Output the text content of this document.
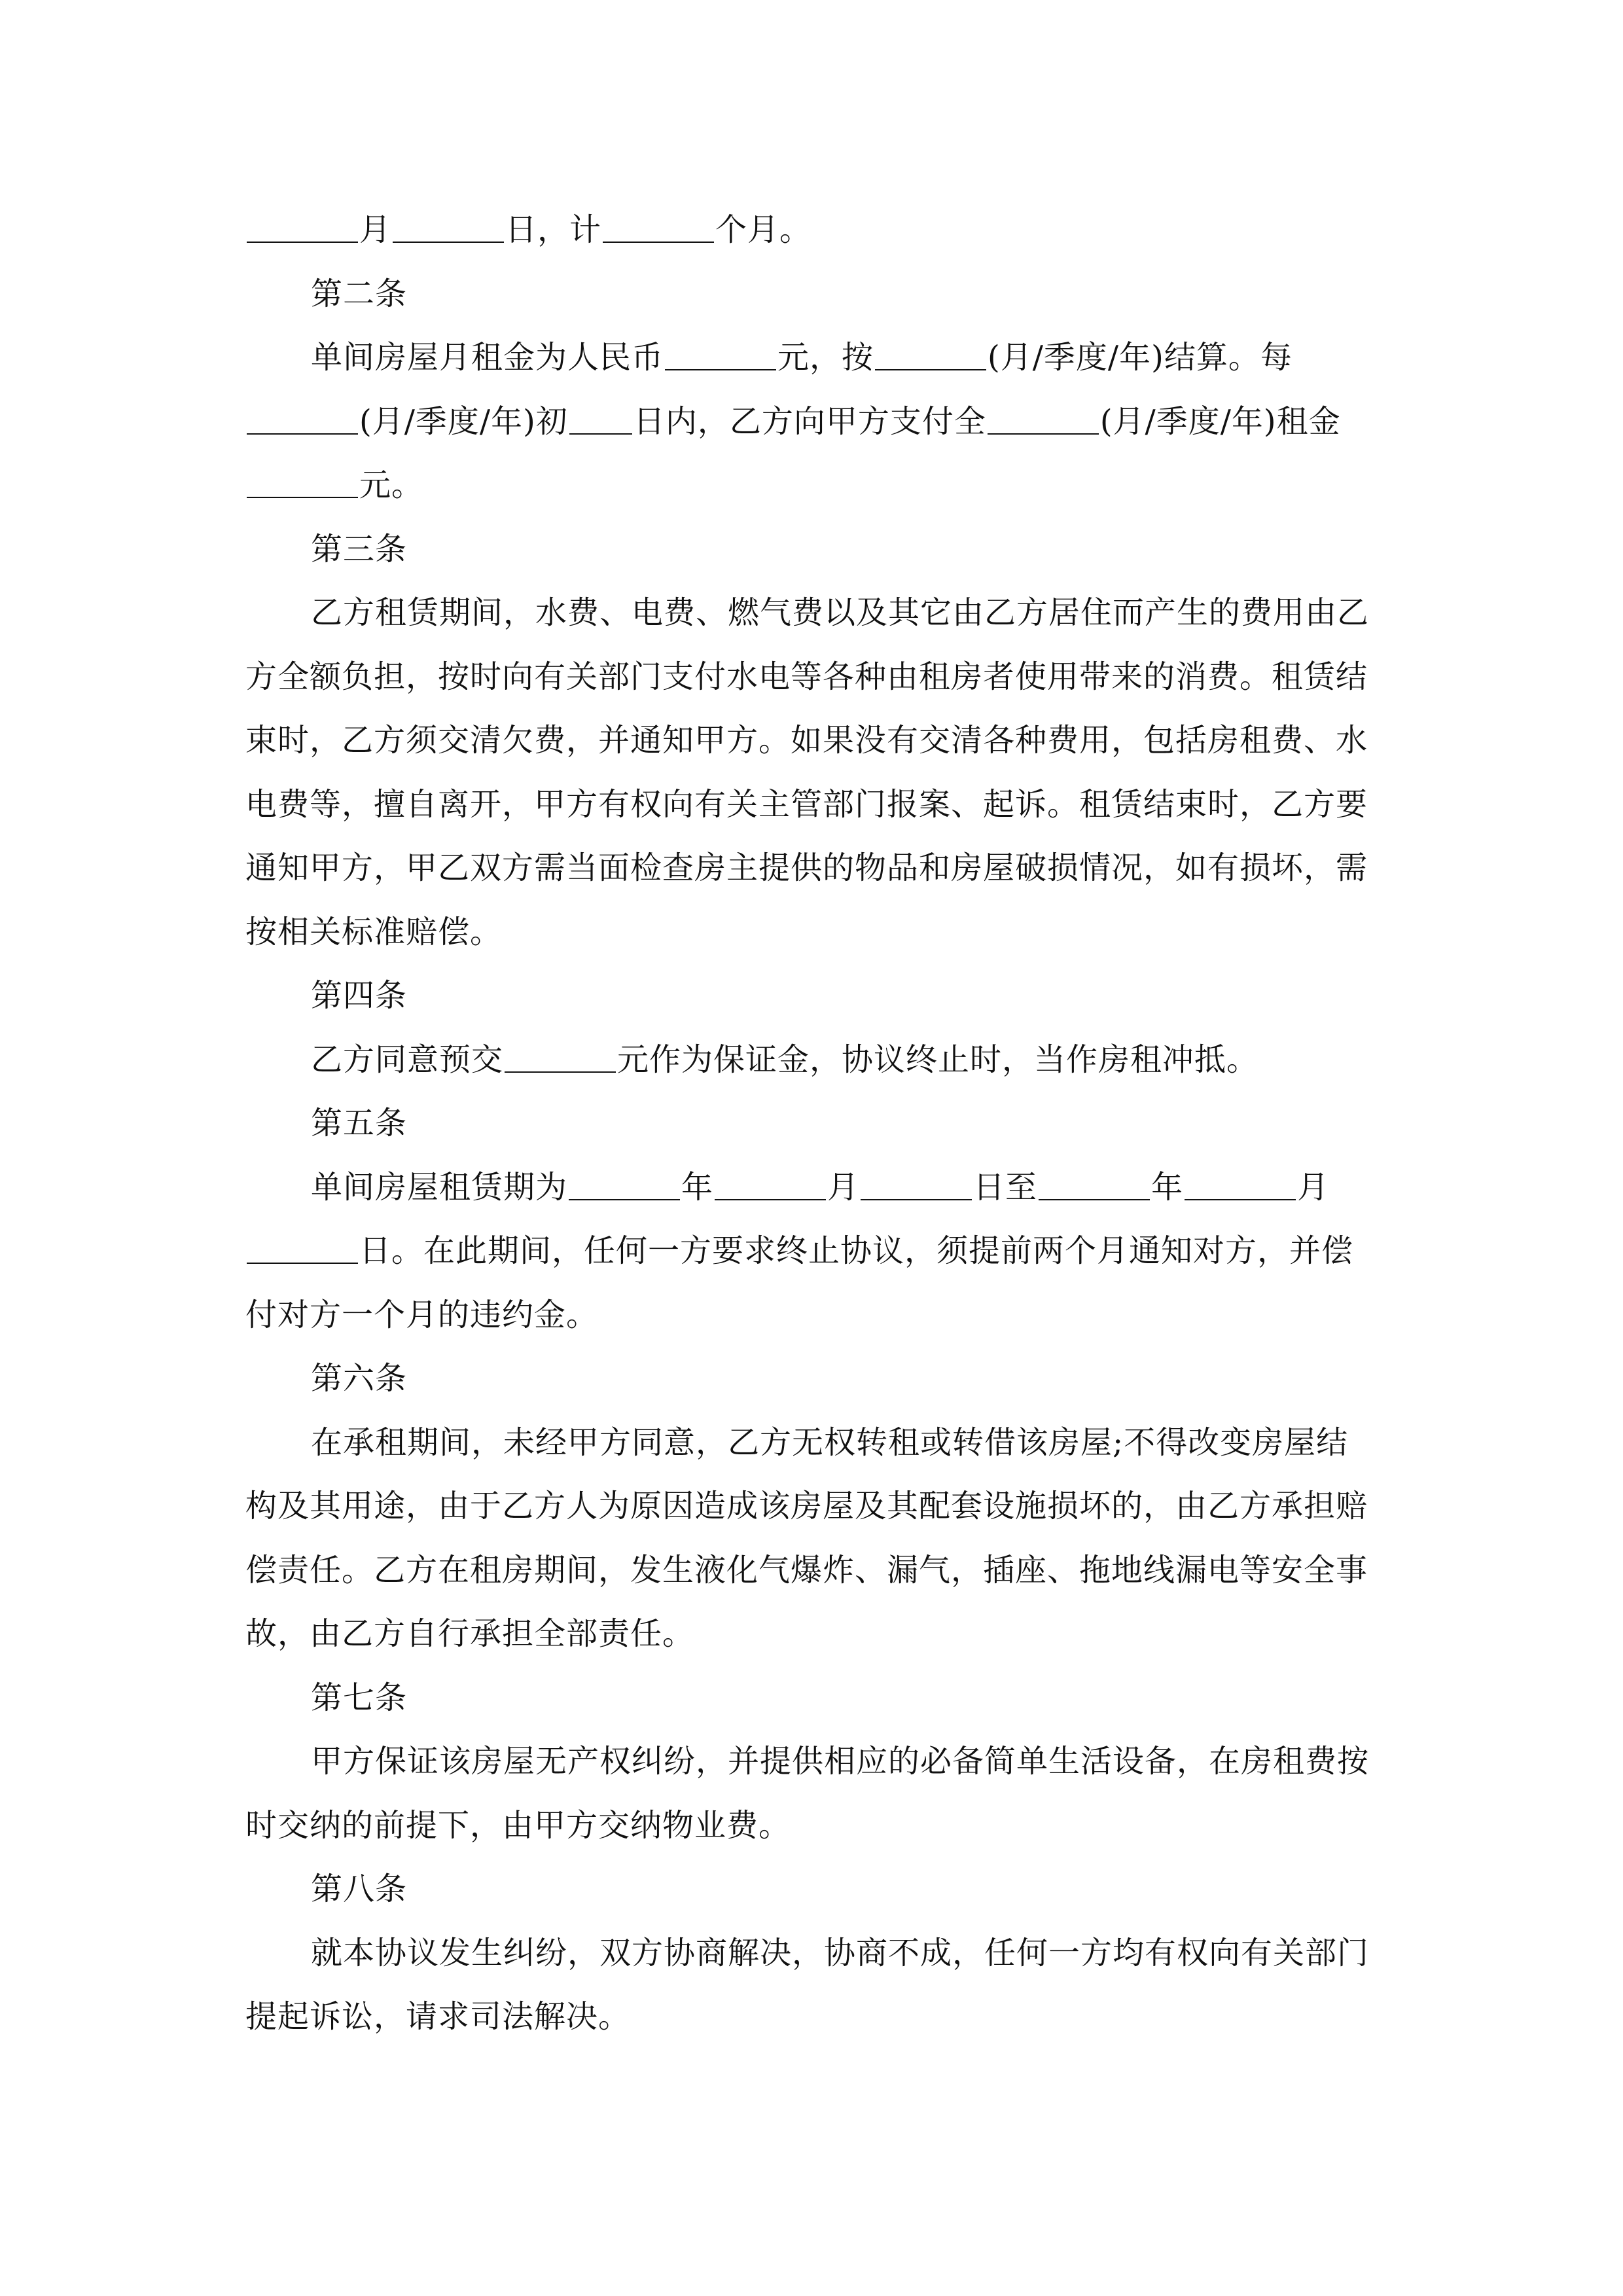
月	日，计	个月。
第二条
单间房屋月租金为人民币	元，按	(月/季度/年)结算。每
(月/季度/年)初 日内，乙方向甲方支付全	(月/季度/年)租金
元。
第三条
乙方租赁期间，水费、电费、燃气费以及其它由乙方居住而产生的费用由乙
方全额负担，按时向有关部门支付水电等各种由租房者使用带来的消费。租赁结
束时，乙方须交清欠费，并通知甲方。如果没有交清各种费用，包括房租费、水
电费等，擅自离开，甲方有权向有关主管部门报案、起诉。租赁结束时，乙方要
通知甲方，甲乙双方需当面检查房主提供的物品和房屋破损情况，如有损坏，需
按相关标准赔偿。
第四条
乙方同意预交	元作为保证金，协议终止时，当作房租冲抵。
第五条
单间房屋租赁期为	年	月	日至	年	月
日。在此期间，任何一方要求终止协议，须提前两个月通知对方，并偿
付对方一个月的违约金。
第六条
在承租期间，未经甲方同意，乙方无权转租或转借该房屋;不得改变房屋结
构及其用途，由于乙方人为原因造成该房屋及其配套设施损坏的，由乙方承担赔
偿责任。乙方在租房期间，发生液化气爆炸、漏气，插座、拖地线漏电等安全事
故，由乙方自行承担全部责任。
第七条
甲方保证该房屋无产权纠纷，并提供相应的必备简单生活设备，在房租费按
时交纳的前提下，由甲方交纳物业费。
第八条
就本协议发生纠纷，双方协商解决，协商不成，任何一方均有权向有关部门
提起诉讼，请求司法解决。
